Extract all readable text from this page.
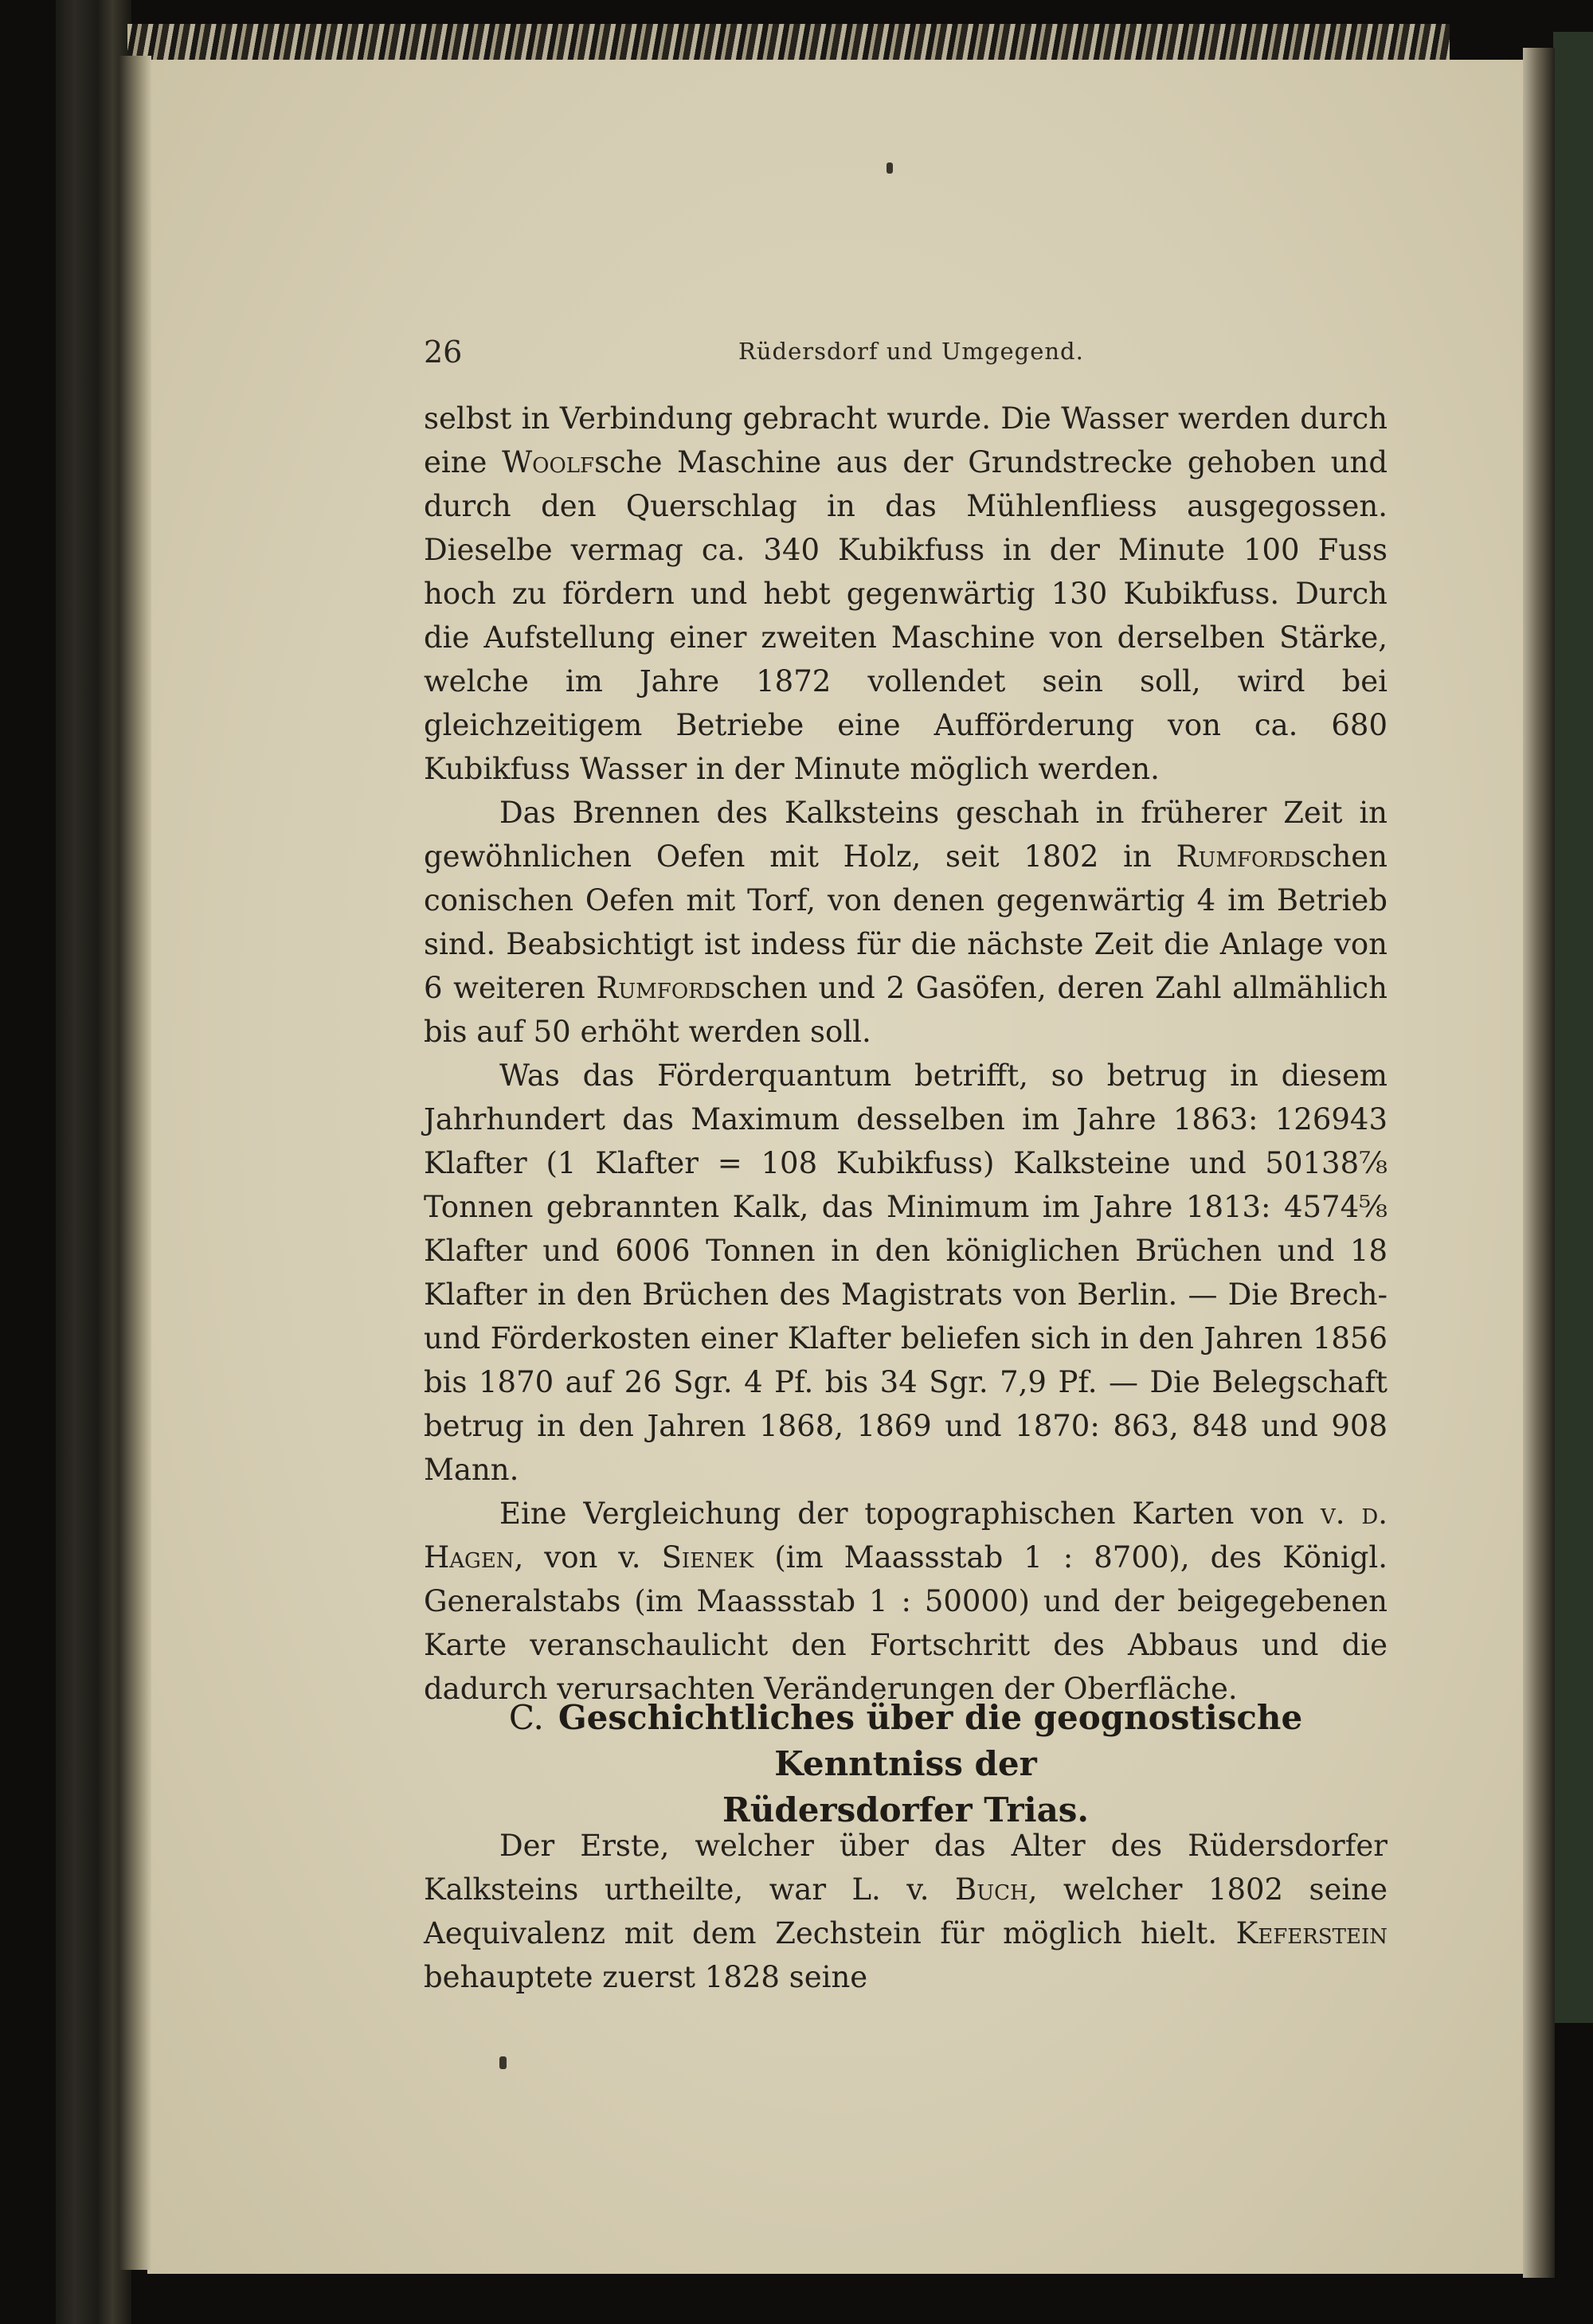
26	Rüdersdorf und Umgegend.

selbst in Verbindung gebracht wurde. Die Wasser werden durch eine Woolfsche Maschine aus der Grundstrecke gehoben und durch den Querschlag in das Mühlenfliess ausgegossen. Dieselbe vermag ca. 340 Kubikfuss in der Minute 100 Fuss hoch zu fördern und hebt gegenwärtig 130 Kubikfuss. Durch die Aufstellung einer zweiten Maschine von derselben Stärke, welche im Jahre 1872 vollendet sein soll, wird bei gleichzeitigem Betriebe eine Aufförderung von ca. 680 Kubikfuss Wasser in der Minute möglich werden.

Das Brennen des Kalksteins geschah in früherer Zeit in gewöhnlichen Oefen mit Holz, seit 1802 in Rumfordschen conischen Oefen mit Torf, von denen gegenwärtig 4 im Betrieb sind. Beabsichtigt ist indess für die nächste Zeit die Anlage von 6 weiteren Rumfordschen und 2 Gasöfen, deren Zahl allmählich bis auf 50 erhöht werden soll.

Was das Förderquantum betrifft, so betrug in diesem Jahrhundert das Maximum desselben im Jahre 1863: 126943 Klafter (1 Klafter = 108 Kubikfuss) Kalksteine und 50138⅞ Tonnen gebrannten Kalk, das Minimum im Jahre 1813: 4574⅝ Klafter und 6006 Tonnen in den königlichen Brüchen und 18 Klafter in den Brüchen des Magistrats von Berlin. — Die Brech- und Förderkosten einer Klafter beliefen sich in den Jahren 1856 bis 1870 auf 26 Sgr. 4 Pf. bis 34 Sgr. 7,9 Pf. — Die Belegschaft betrug in den Jahren 1868, 1869 und 1870: 863, 848 und 908 Mann.

Eine Vergleichung der topographischen Karten von v. d. Hagen, von v. Sienek (im Maassstab 1 : 8700), des Königl. Generalstabs (im Maassstab 1 : 50000) und der beigegebenen Karte veranschaulicht den Fortschritt des Abbaus und die dadurch verursachten Veränderungen der Oberfläche.

C. Geschichtliches über die geognostische Kenntniss der
Rüdersdorfer Trias.

Der Erste, welcher über das Alter des Rüdersdorfer Kalksteins urtheilte, war L. v. Buch, welcher 1802 seine Aequivalenz mit dem Zechstein für möglich hielt. Keferstein behauptete zuerst 1828 seine
